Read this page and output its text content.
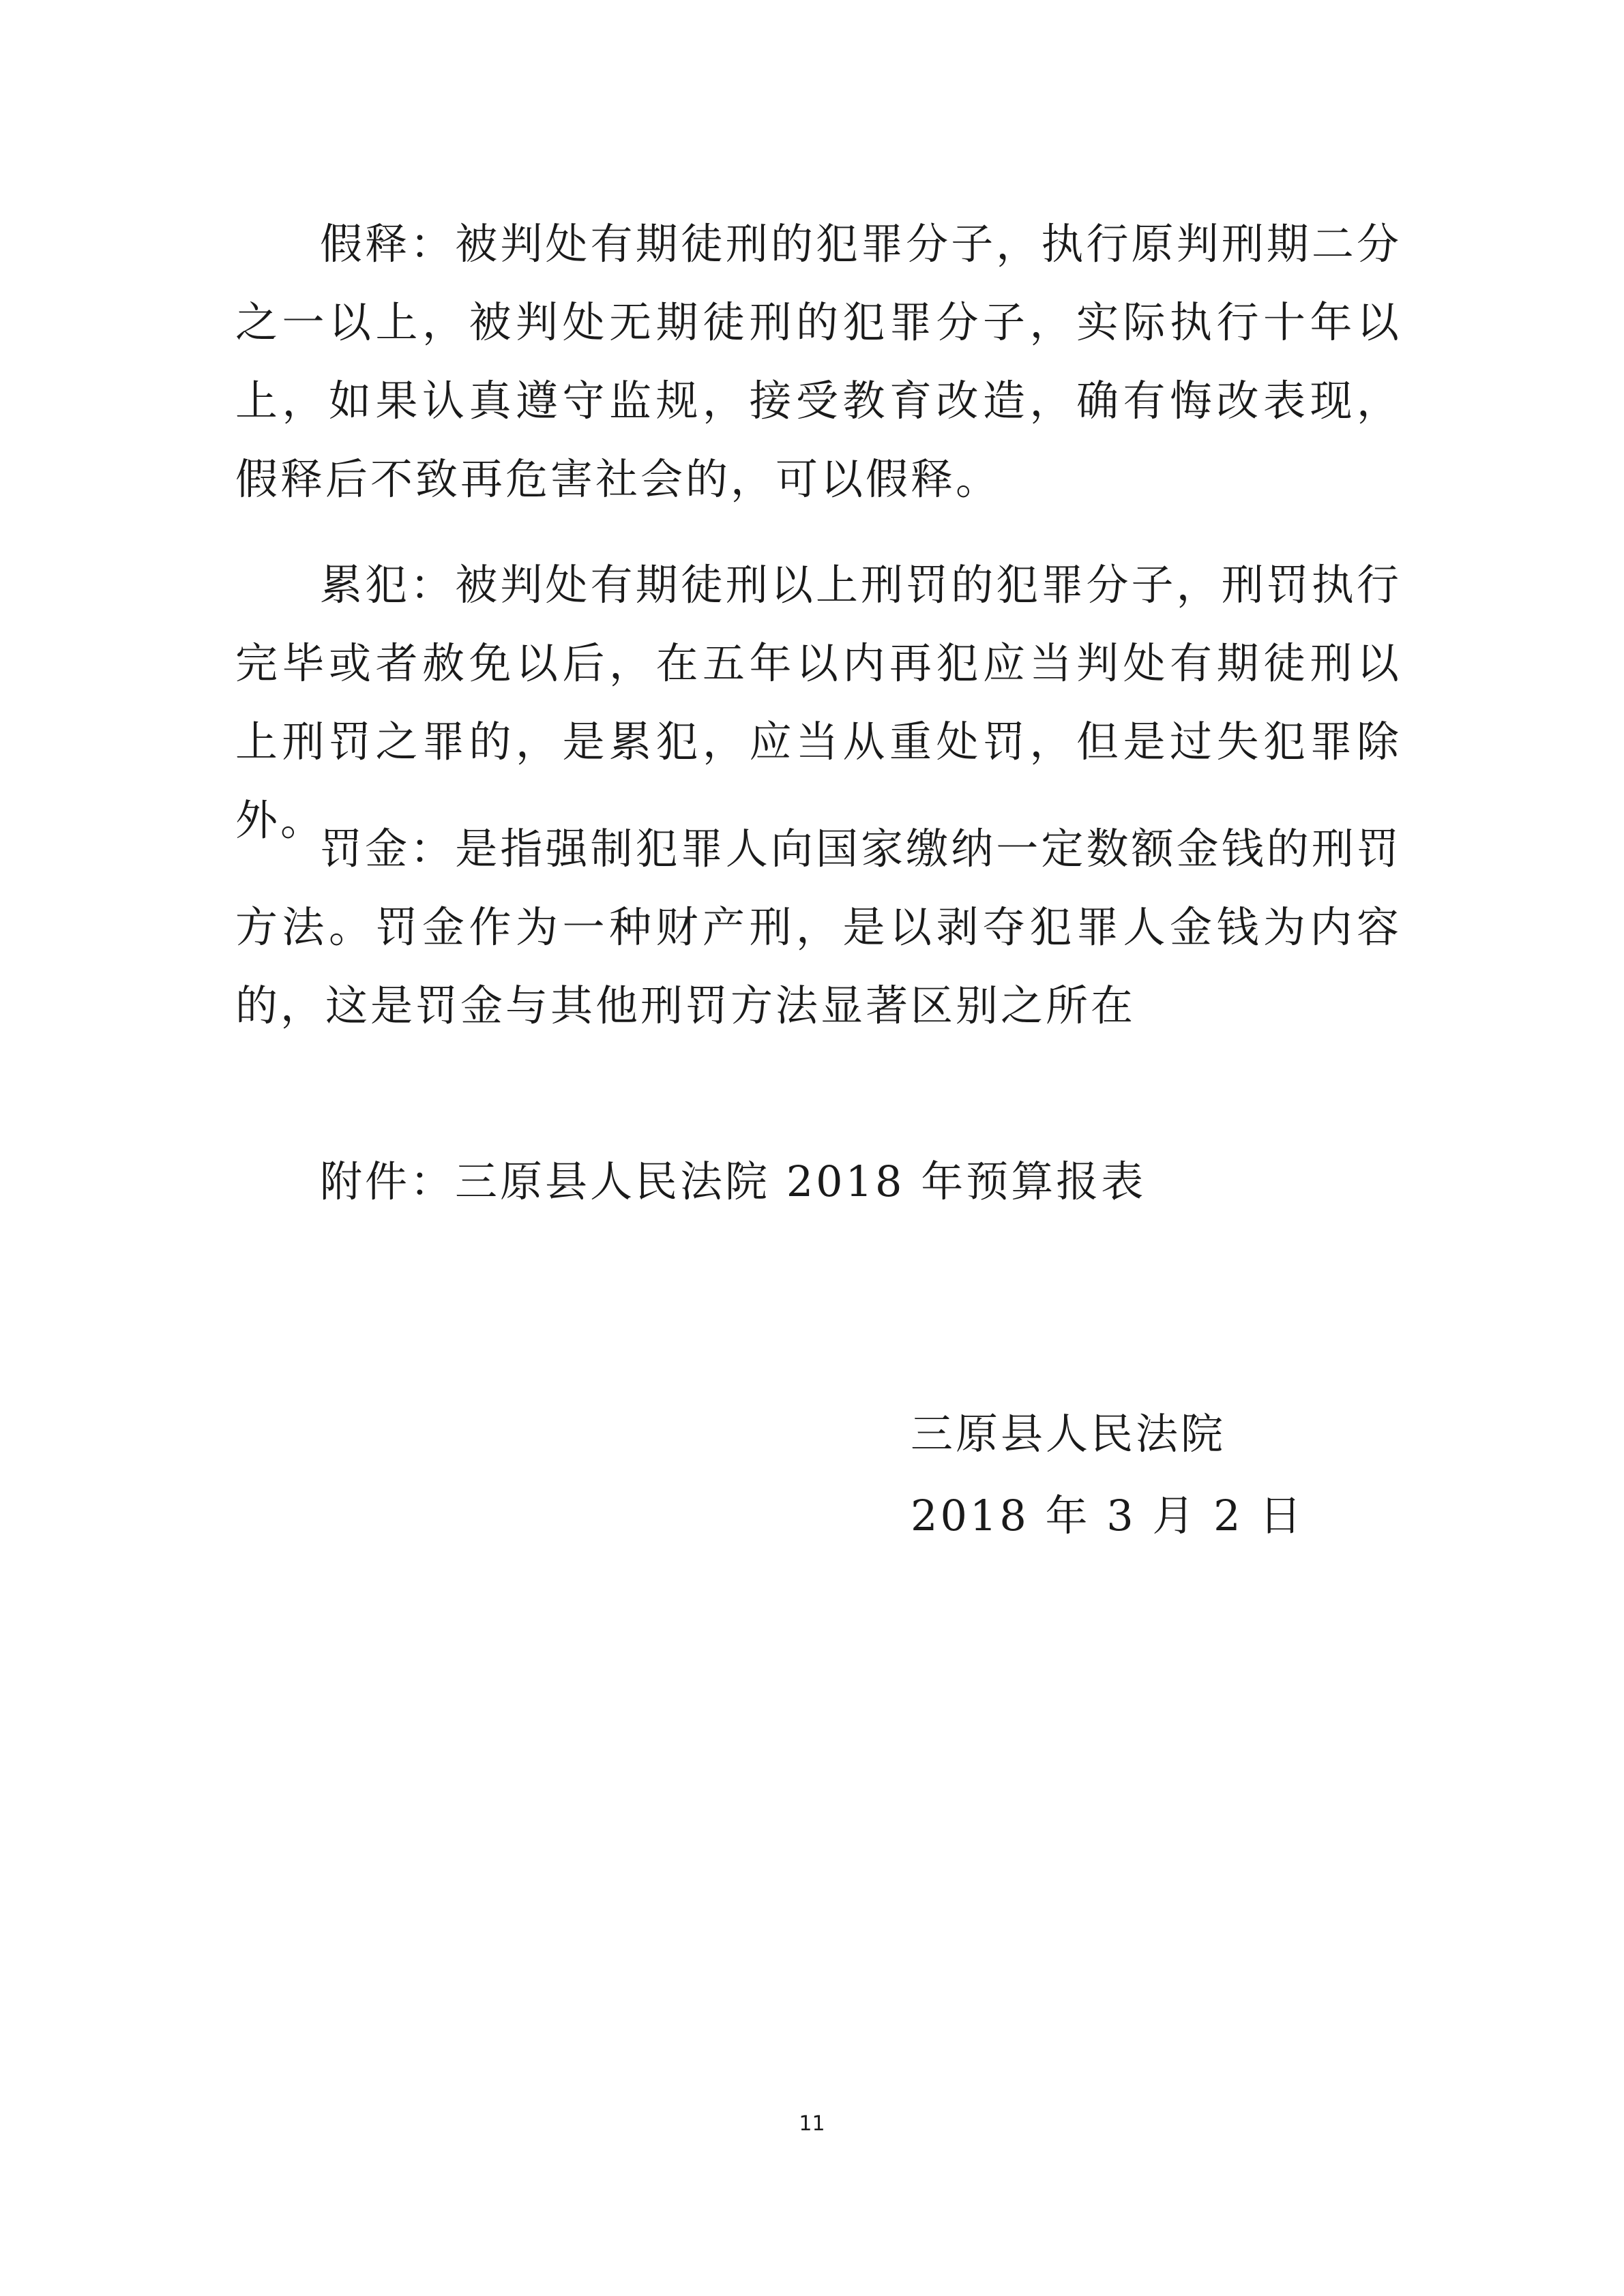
假释：被判处有期徒刑的犯罪分子，执行原判刑期二分之一以上，被判处无期徒刑的犯罪分子，实际执行十年以上，如果认真遵守监规，接受教育改造，确有悔改表现，假释后不致再危害社会的，可以假释。

累犯：被判处有期徒刑以上刑罚的犯罪分子，刑罚执行完毕或者赦免以后，在五年以内再犯应当判处有期徒刑以上刑罚之罪的，是累犯，应当从重处罚，但是过失犯罪除外。

罚金：是指强制犯罪人向国家缴纳一定数额金钱的刑罚方法。罚金作为一种财产刑，是以剥夺犯罪人金钱为内容的，这是罚金与其他刑罚方法显著区别之所在

附件：三原县人民法院 2018 年预算报表
三原县人民法院
2018 年 3 月 2 日
11
